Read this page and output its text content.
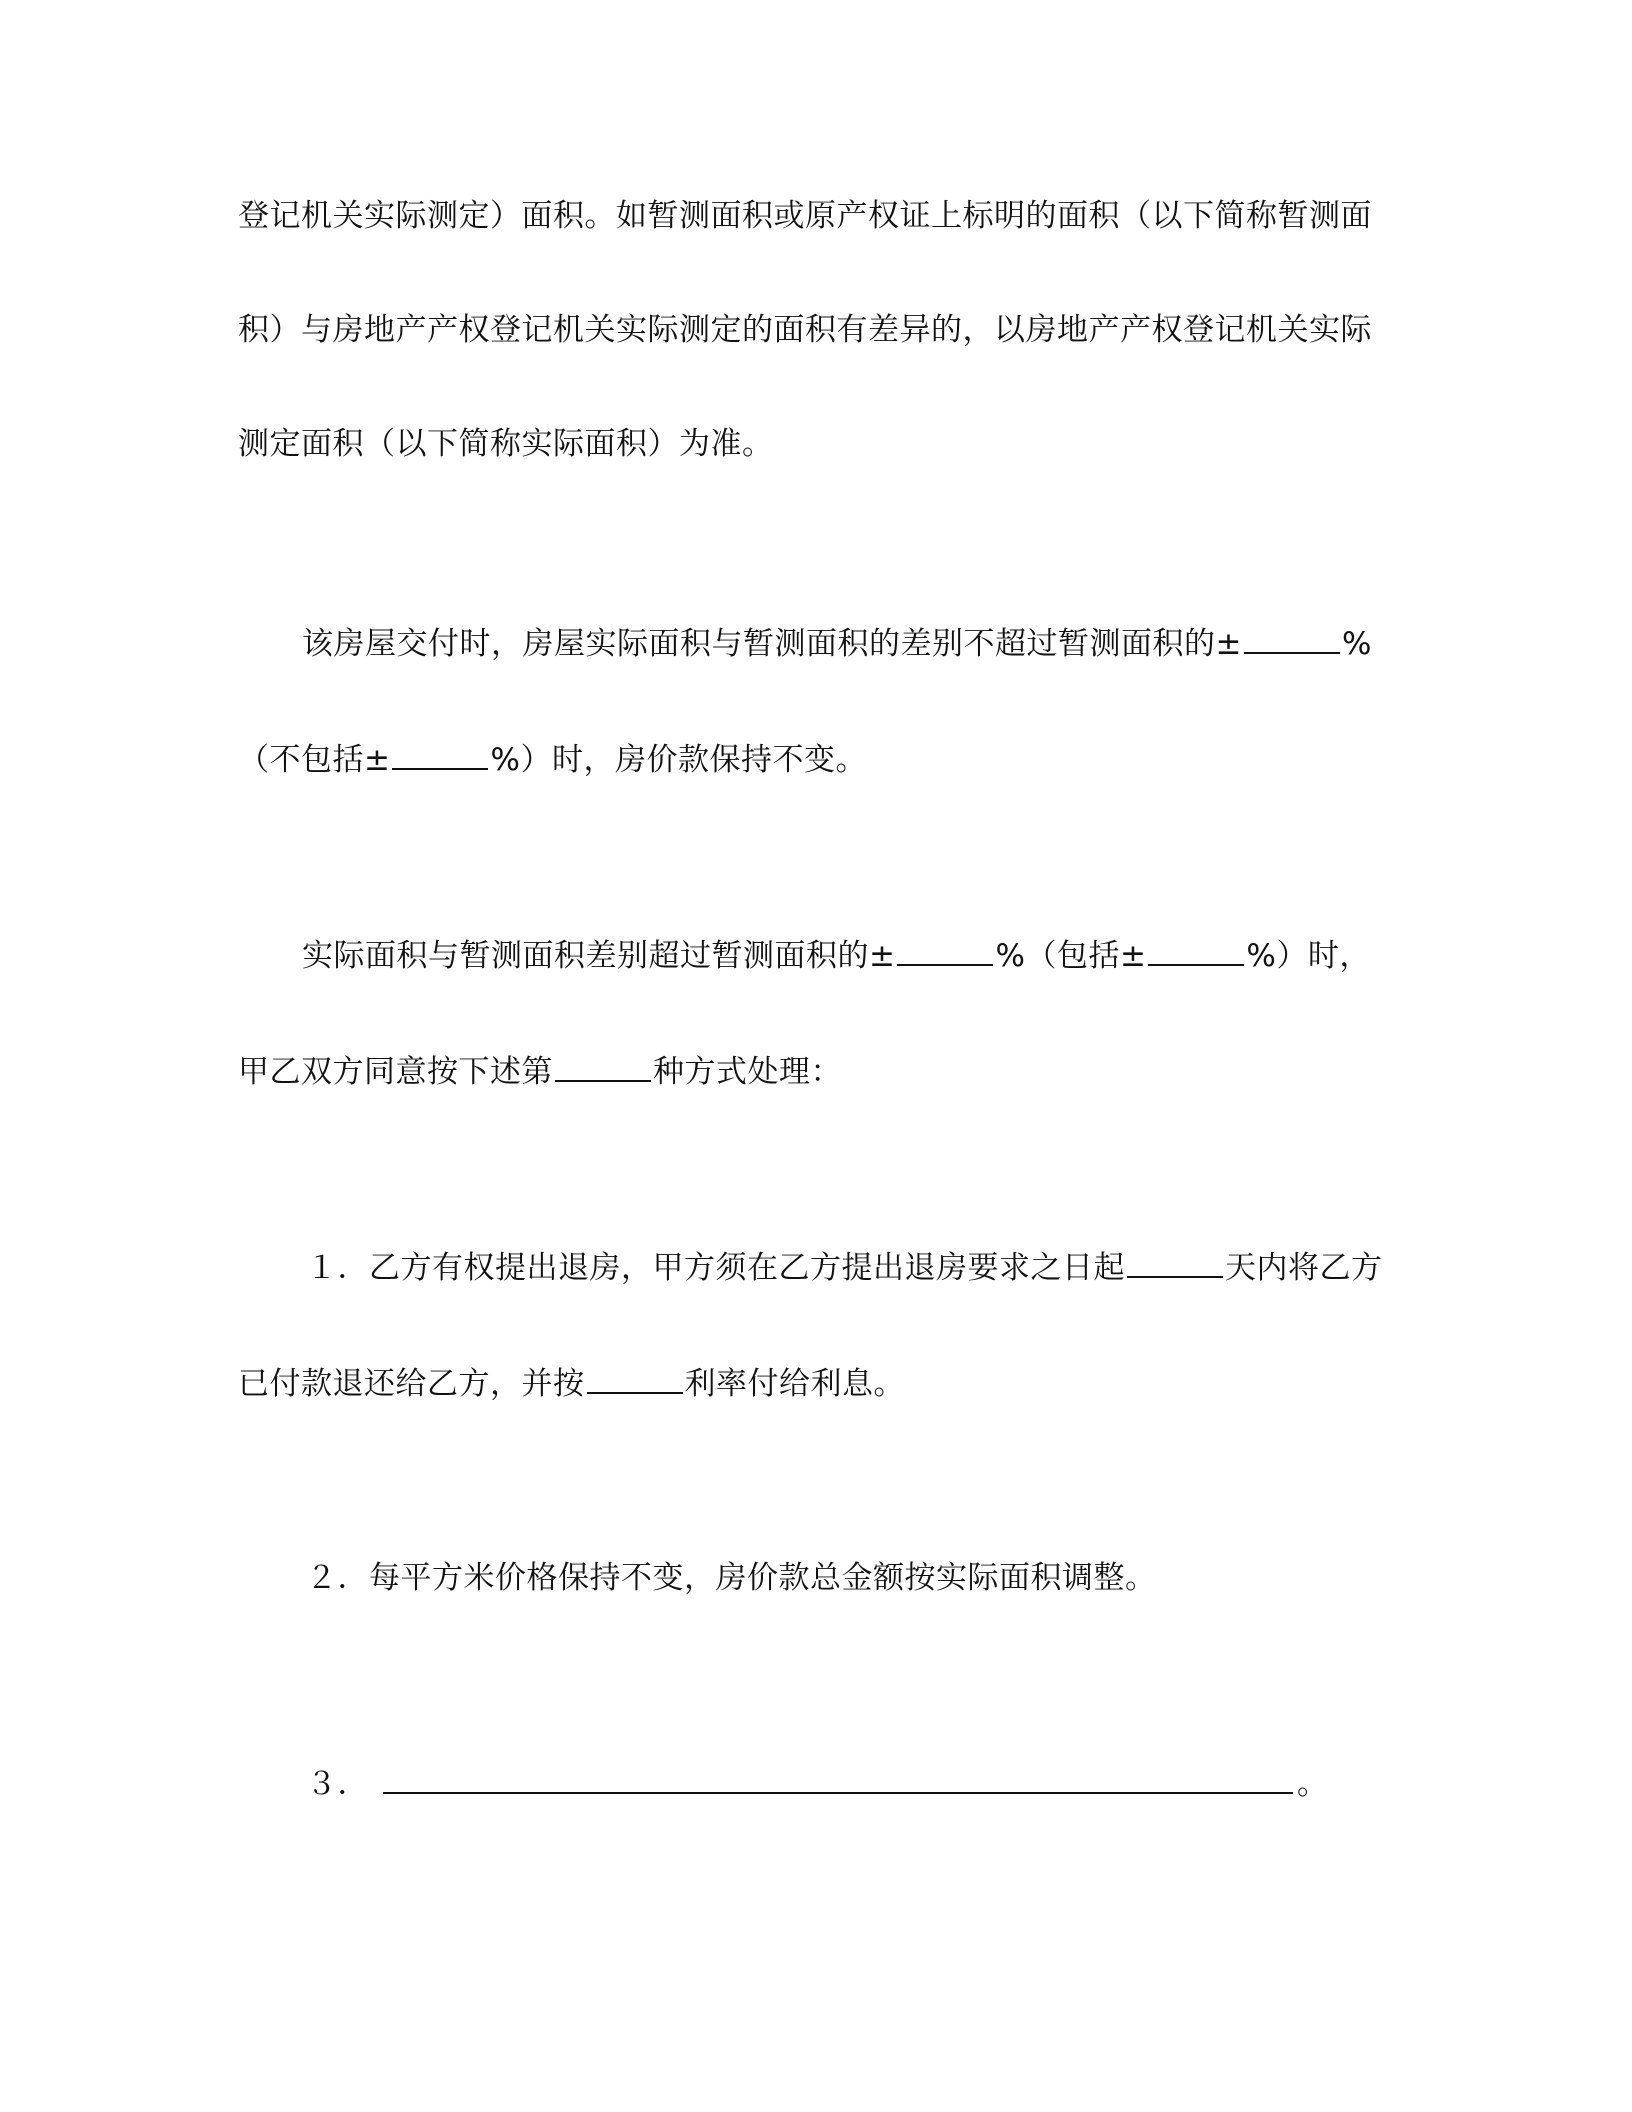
登记机关实际测定）面积。如暂测面积或原产权证上标明的面积（以下简称暂测面
积）与房地产产权登记机关实际测定的面积有差异的，以房地产产权登记机关实际
测定面积（以下简称实际面积）为准。
该房屋交付时，房屋实际面积与暂测面积的差别不超过暂测面积的±	%
（不包括±	%）时，房价款保持不变。
实际面积与暂测面积差别超过暂测面积的±	%（包括±	%）时，
甲乙双方同意按下述第	种方式处理：
１．乙方有权提出退房，甲方须在乙方提出退房要求之日起	天内将乙方
已付款退还给乙方，并按	利率付给利息。
２．每平方米价格保持不变，房价款总金额按实际面积调整。
３．	。
